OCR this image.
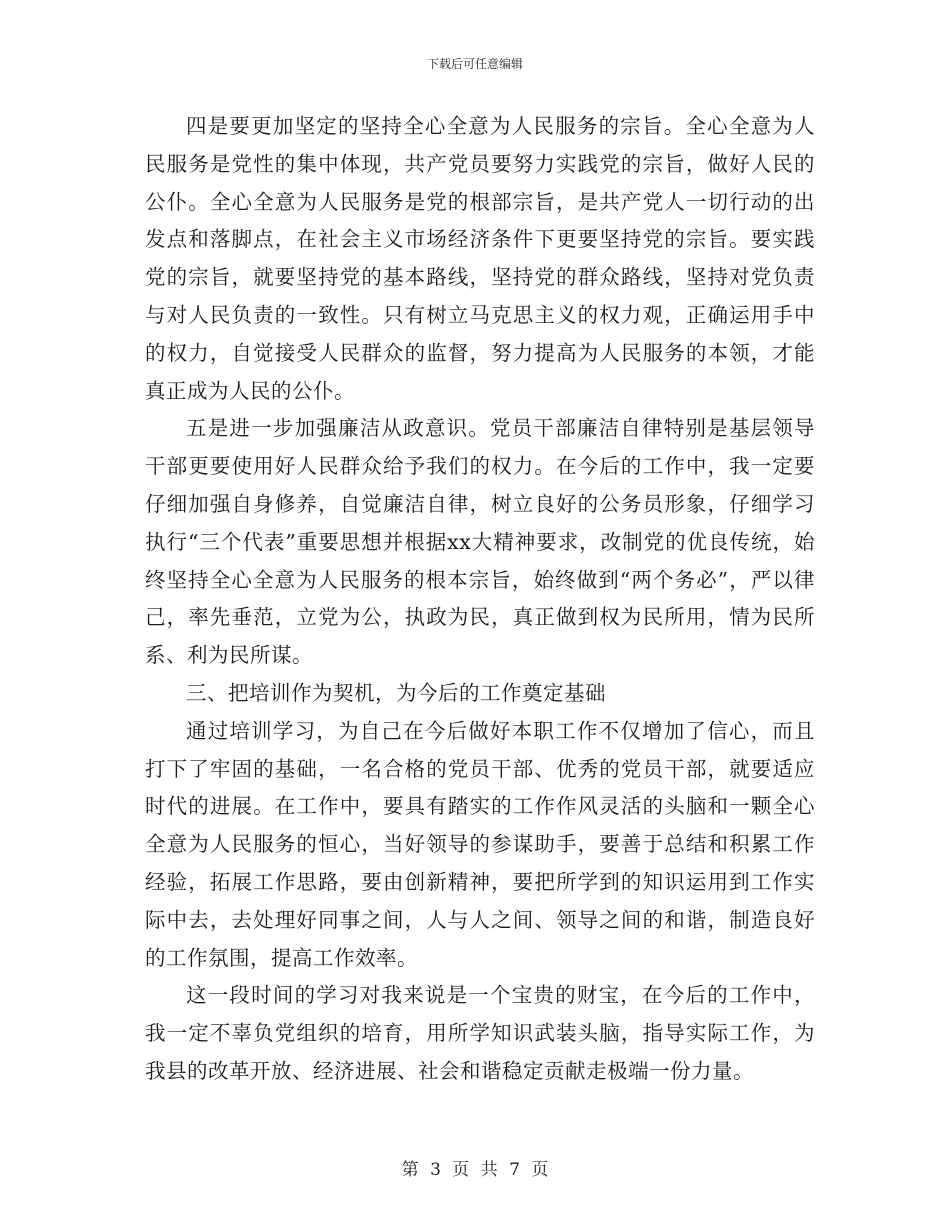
下载后可任意编辑

四是要更加坚定的坚持全心全意为人民服务的宗旨。全心全意为人民服务是党性的集中体现，共产党员要努力实践党的宗旨，做好人民的公仆。全心全意为人民服务是党的根部宗旨，是共产党人一切行动的出发点和落脚点，在社会主义市场经济条件下更要坚持党的宗旨。要实践党的宗旨，就要坚持党的基本路线，坚持党的群众路线，坚持对党负责与对人民负责的一致性。只有树立马克思主义的权力观，正确运用手中的权力，自觉接受人民群众的监督，努力提高为人民服务的本领，才能真正成为人民的公仆。

五是进一步加强廉洁从政意识。党员干部廉洁自律特别是基层领导干部更要使用好人民群众给予我们的权力。在今后的工作中，我一定要仔细加强自身修养，自觉廉洁自律，树立良好的公务员形象，仔细学习执行“三个代表”重要思想并根据xx大精神要求，改制党的优良传统，始终坚持全心全意为人民服务的根本宗旨，始终做到“两个务必”，严以律己，率先垂范，立党为公，执政为民，真正做到权为民所用，情为民所系、利为民所谋。

三、把培训作为契机，为今后的工作奠定基础

通过培训学习，为自己在今后做好本职工作不仅增加了信心，而且打下了牢固的基础，一名合格的党员干部、优秀的党员干部，就要适应时代的进展。在工作中，要具有踏实的工作作风灵活的头脑和一颗全心全意为人民服务的恒心，当好领导的参谋助手，要善于总结和积累工作经验，拓展工作思路，要由创新精神，要把所学到的知识运用到工作实际中去，去处理好同事之间，人与人之间、领导之间的和谐，制造良好的工作氛围，提高工作效率。

这一段时间的学习对我来说是一个宝贵的财宝，在今后的工作中，我一定不辜负党组织的培育，用所学知识武装头脑，指导实际工作，为我县的改革开放、经济进展、社会和谐稳定贡献走极端一份力量。

第 3 页 共 7 页
